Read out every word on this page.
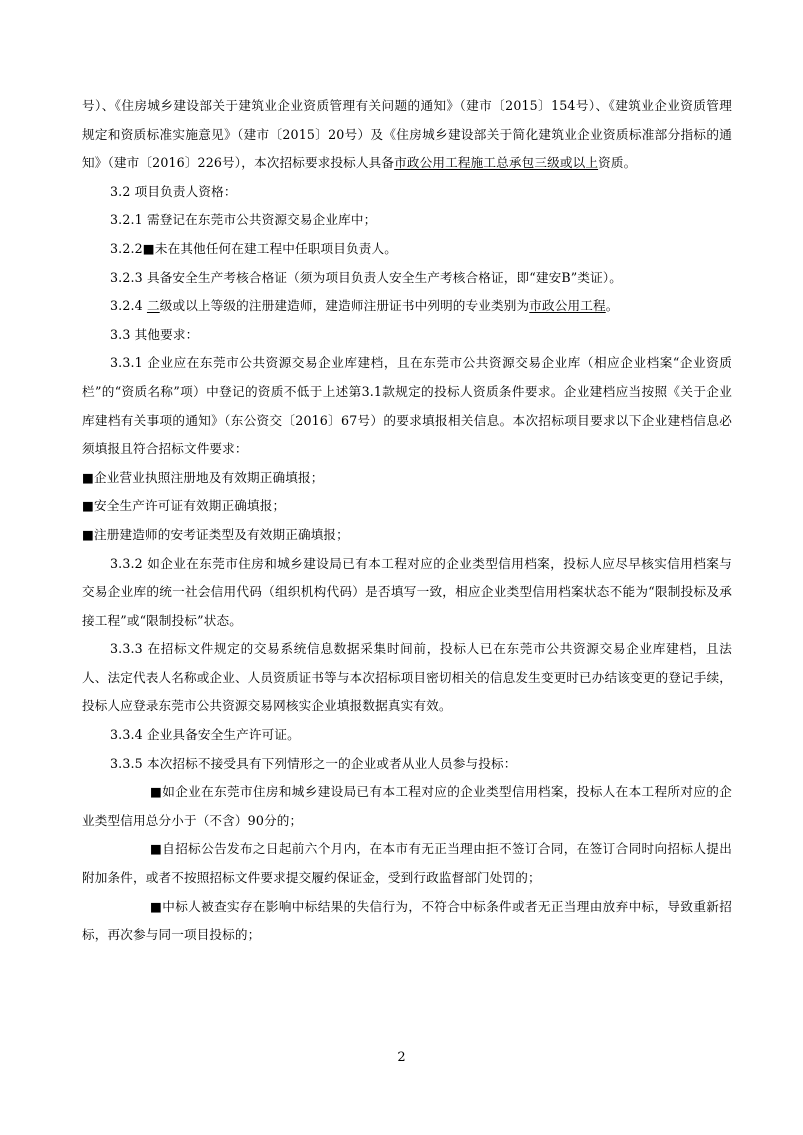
号）、《住房城乡建设部关于建筑业企业资质管理有关问题的通知》（建市〔2015〕154号）、《建筑业企业资质管理规定和资质标准实施意见》（建市〔2015〕20号）及《住房城乡建设部关于简化建筑业企业资质标准部分指标的通知》（建市〔2016〕226号），本次招标要求投标人具备市政公用工程施工总承包三级或以上资质。

3.2 项目负责人资格：

3.2.1 需登记在东莞市公共资源交易企业库中；

3.2.2■未在其他任何在建工程中任职项目负责人。

3.2.3 具备安全生产考核合格证（须为项目负责人安全生产考核合格证，即“建安B”类证）。

3.2.4 二级或以上等级的注册建造师，建造师注册证书中列明的专业类别为市政公用工程。

3.3 其他要求：

3.3.1 企业应在东莞市公共资源交易企业库建档，且在东莞市公共资源交易企业库（相应企业档案“企业资质栏”的“资质名称”项）中登记的资质不低于上述第3.1款规定的投标人资质条件要求。企业建档应当按照《关于企业库建档有关事项的通知》（东公资交〔2016〕67号）的要求填报相关信息。本次招标项目要求以下企业建档信息必须填报且符合招标文件要求：

■企业营业执照注册地及有效期正确填报；

■安全生产许可证有效期正确填报；

■注册建造师的安考证类型及有效期正确填报；

3.3.2 如企业在东莞市住房和城乡建设局已有本工程对应的企业类型信用档案，投标人应尽早核实信用档案与交易企业库的统一社会信用代码（组织机构代码）是否填写一致，相应企业类型信用档案状态不能为“限制投标及承接工程”或“限制投标”状态。

3.3.3 在招标文件规定的交易系统信息数据采集时间前，投标人已在东莞市公共资源交易企业库建档，且法人、法定代表人名称或企业、人员资质证书等与本次招标项目密切相关的信息发生变更时已办结该变更的登记手续，投标人应登录东莞市公共资源交易网核实企业填报数据真实有效。

3.3.4 企业具备安全生产许可证。

3.3.5 本次招标不接受具有下列情形之一的企业或者从业人员参与投标：

■如企业在东莞市住房和城乡建设局已有本工程对应的企业类型信用档案，投标人在本工程所对应的企业类型信用总分小于（不含）90分的；

■自招标公告发布之日起前六个月内，在本市有无正当理由拒不签订合同，在签订合同时向招标人提出附加条件，或者不按照招标文件要求提交履约保证金，受到行政监督部门处罚的；

■中标人被查实存在影响中标结果的失信行为，不符合中标条件或者无正当理由放弃中标，导致重新招标，再次参与同一项目投标的；

2
